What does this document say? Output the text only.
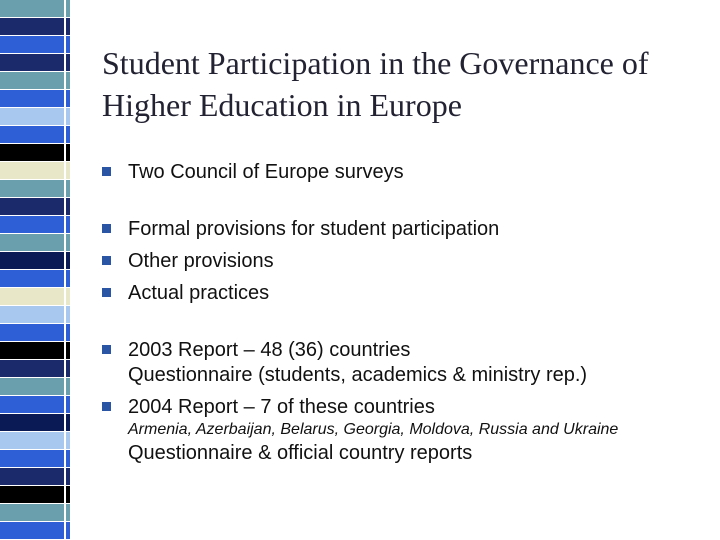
Student Participation in the Governance of Higher Education in Europe
Two Council of Europe surveys
Formal provisions for student participation
Other provisions
Actual practices
2003 Report – 48 (36) countries
Questionnaire (students, academics & ministry rep.)
2004 Report – 7 of these countries
Armenia, Azerbaijan, Belarus, Georgia, Moldova, Russia and Ukraine
Questionnaire & official country reports
